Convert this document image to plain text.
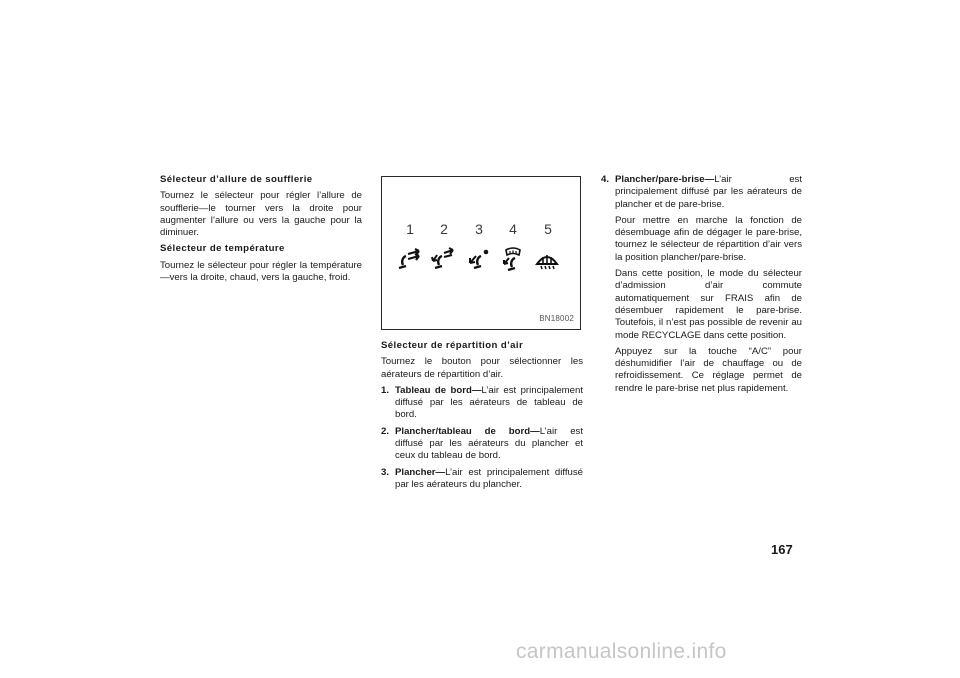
Sélecteur d’allure de soufflerie
Tournez le sélecteur pour régler l’allure de soufflerie—le tourner vers la droite pour augmenter l’allure ou vers la gauche pour la diminuer.
Sélecteur de température
Tournez le sélecteur pour régler la température—vers la droite, chaud, vers la gauche, froid.
1	2	3	4	5
BN18002
Sélecteur de répartition d’air
Tournez le bouton pour sélectionner les aérateurs de répartition d’air.
1. Tableau de bord—L’air est principalement diffusé par les aérateurs de tableau de bord.
2. Plancher/tableau de bord—L’air est diffusé par les aérateurs du plancher et ceux du tableau de bord.
3. Plancher—L’air est principalement diffusé par les aérateurs du plancher.
4. Plancher/pare-brise—L’air est principalement diffusé par les aérateurs de plancher et de pare-brise.
Pour mettre en marche la fonction de désembuage afin de dégager le pare-brise, tournez le sélecteur de répartition d’air vers la position plancher/pare-brise.
Dans cette position, le mode du sélecteur d’admission d’air commute automatiquement sur FRAIS afin de désembuer rapidement le pare-brise. Toutefois, il n’est pas possible de revenir au mode RECYCLAGE dans cette position.
Appuyez sur la touche “A/C” pour déshumidifier l’air de chauffage ou de refroidissement. Ce réglage permet de rendre le pare-brise net plus rapidement.
167
carmanualsonline.info
